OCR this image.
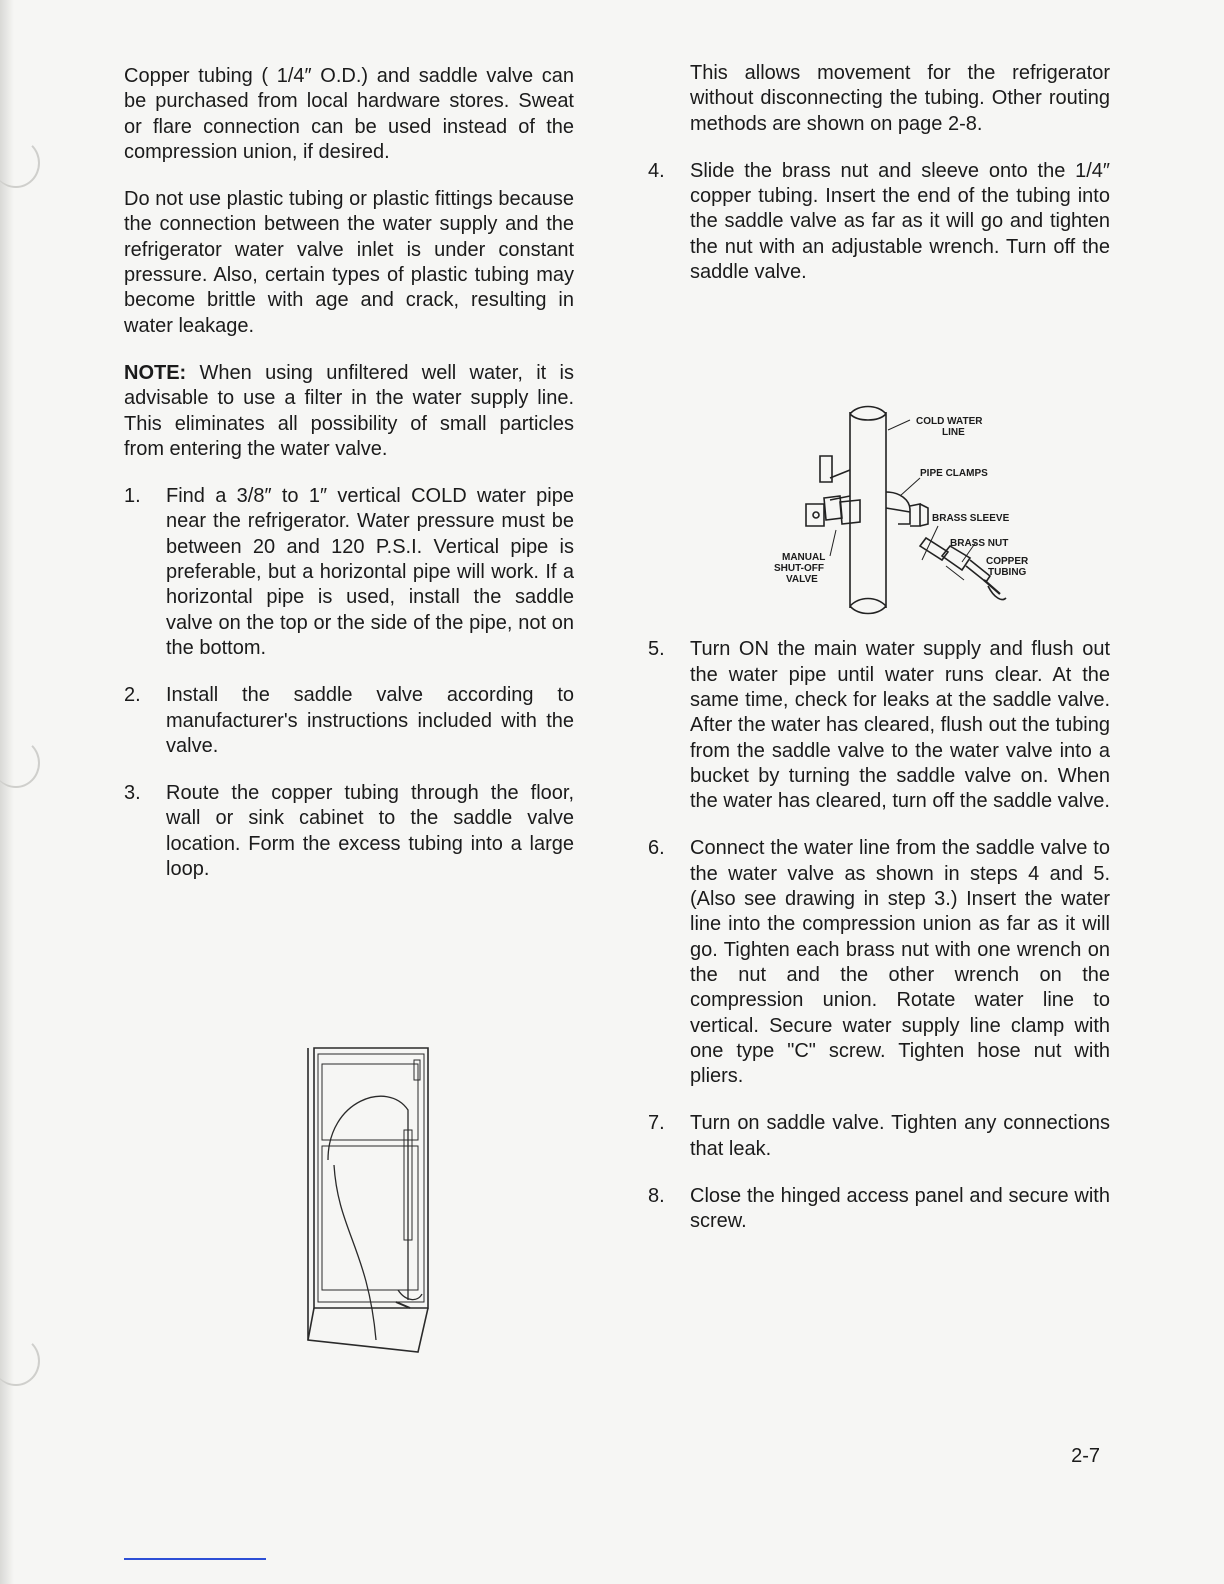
Copper tubing ( 1/4″ O.D.) and saddle valve can be purchased from local hardware stores. Sweat or flare connection can be used instead of the compression union, if desired.

Do not use plastic tubing or plastic fittings because the connection between the water supply and the refrigerator water valve inlet is under constant pressure. Also, certain types of plastic tubing may become brittle with age and crack, resulting in water leakage.

NOTE: When using unfiltered well water, it is advisable to use a filter in the water supply line. This eliminates all possibility of small particles from entering the water valve.

1.	Find a 3/8″ to 1″ vertical COLD water pipe near the refrigerator. Water pressure must be between 20 and 120 P.S.I. Vertical pipe is preferable, but a horizontal pipe will work. If a horizontal pipe is used, install the saddle valve on the top or the side of the pipe, not on the bottom.
2.	Install the saddle valve according to manufacturer's instructions included with the valve.
3.	Route the copper tubing through the floor, wall or sink cabinet to the saddle valve location. Form the excess tubing into a large loop.
This allows movement for the refrigerator without disconnecting the tubing. Other routing methods are shown on page 2-8.
4.	Slide the brass nut and sleeve onto the 1/4″ copper tubing. Insert the end of the tubing into the saddle valve as far as it will go and tighten the nut with an adjustable wrench. Turn off the saddle valve.
5.	Turn ON the main water supply and flush out the water pipe until water runs clear. At the same time, check for leaks at the saddle valve. After the water has cleared, flush out the tubing from the saddle valve to the water valve into a bucket by turning the saddle valve on. When the water has cleared, turn off the saddle valve.
6.	Connect the water line from the saddle valve to the water valve as shown in steps 4 and 5. (Also see drawing in step 3.) Insert the water line into the compression union as far as it will go. Tighten each brass nut with one wrench on the nut and the other wrench on the compression union. Rotate water line to vertical. Secure water supply line clamp with one type "C" screw. Tighten hose nut with pliers.
7.	Turn on saddle valve. Tighten any connections that leak.
8.	Close the hinged access panel and secure with screw.
COLD WATER
LINE
PIPE CLAMPS
BRASS SLEEVE
BRASS NUT
COPPER
TUBING
MANUAL
SHUT-OFF
VALVE
2-7
